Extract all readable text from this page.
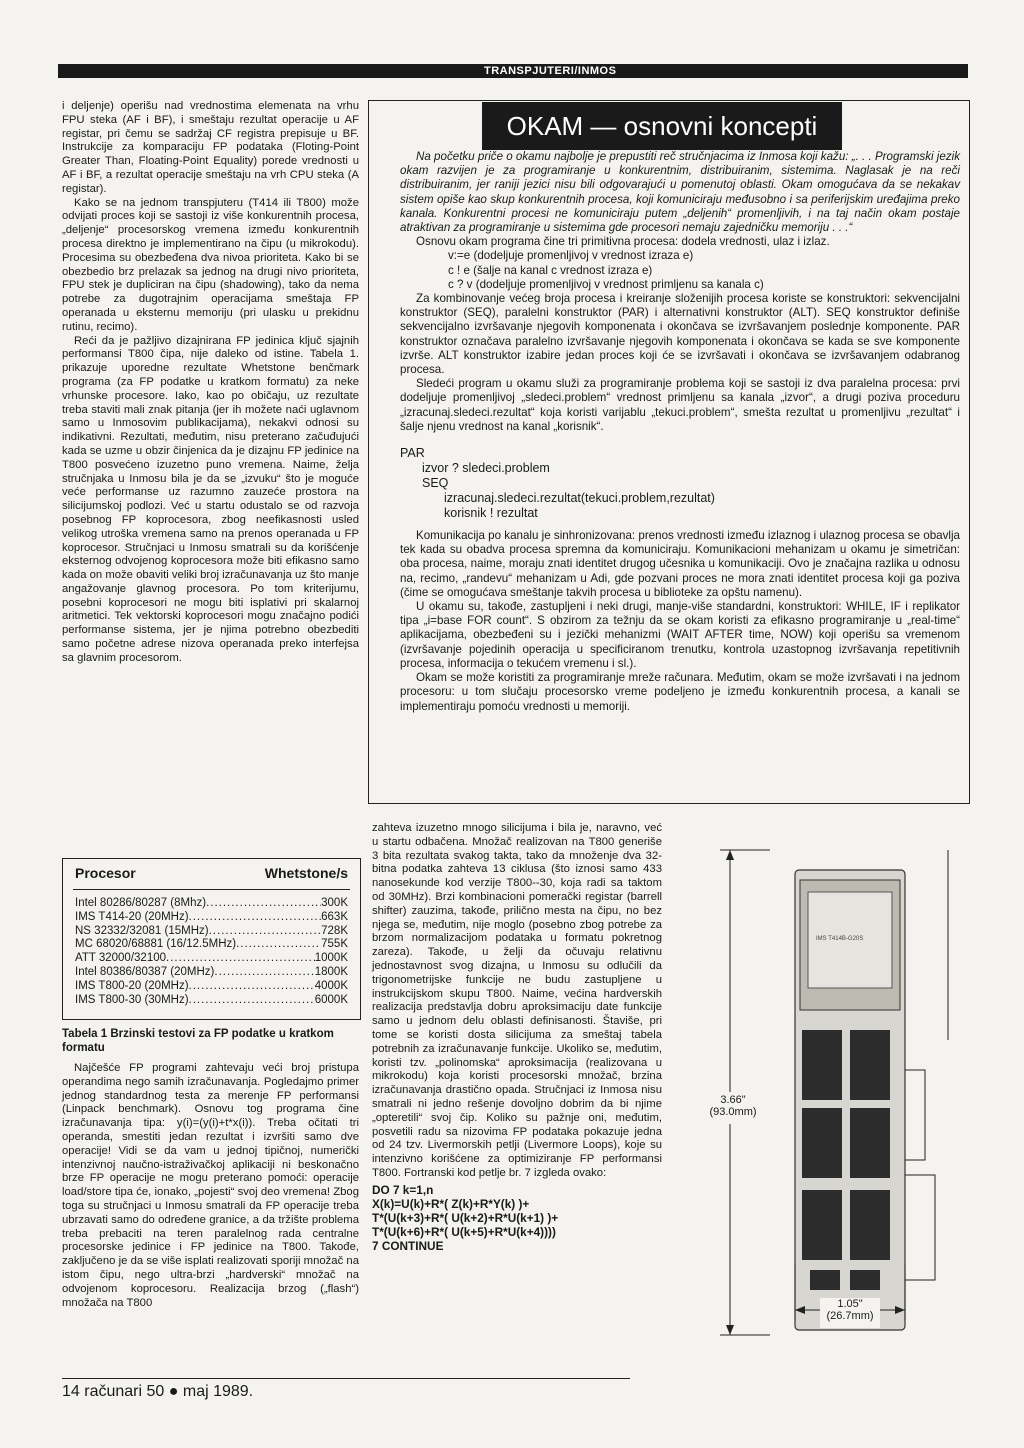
TRANSPJUTERI/INMOS

i deljenje) operišu nad vrednostima elemenata na vrhu FPU steka (AF i BF), i smeštaju rezultat operacije u AF registar, pri čemu se sadržaj CF registra prepisuje u BF. Instrukcije za komparaciju FP podataka (Floting-Point Greater Than, Floating-Point Equality) porede vrednosti u AF i BF, a rezultat operacije smeštaju na vrh CPU steka (A registar).

Kako se na jednom transpjuteru (T414 ili T800) može odvijati proces koji se sastoji iz više konkurentnih procesa, „deljenje“ procesorskog vremena između konkurentnih procesa direktno je implementirano na čipu (u mikrokodu). Procesima su obezbeđena dva nivoa prioriteta. Kako bi se obezbedio brz prelazak sa jednog na drugi nivo prioriteta, FPU stek je dupliciran na čipu (shadowing), tako da nema potrebe za dugotrajnim operacijama smeštaja FP operanada u eksternu memoriju (pri ulasku u prekidnu rutinu, recimo).

Reći da je pažljivo dizajnirana FP jedinica ključ sjajnih performansi T800 čipa, nije daleko od istine. Tabela 1. prikazuje uporedne rezultate Whetstone benčmark programa (za FP podatke u kratkom formatu) za neke vrhunske procesore. Iako, kao po običaju, uz rezultate treba staviti mali znak pitanja (jer ih možete naći uglavnom samo u Inmosovim publikacijama), nekakvi odnosi su indikativni. Rezultati, međutim, nisu preterano začuđujući kada se uzme u obzir činjenica da je dizajnu FP jedinice na T800 posvećeno izuzetno puno vremena. Naime, želja stručnjaka u Inmosu bila je da se „izvuku“ što je moguće veće performanse uz razumno zauzeće prostora na silicijumskoj podlozi. Već u startu odustalo se od razvoja posebnog FP koprocesora, zbog neefikasnosti usled velikog utroška vremena samo na prenos operanada u FP koprocesor. Stručnjaci u Inmosu smatrali su da korišćenje eksternog odvojenog koprocesora može biti efikasno samo kada on može obaviti veliki broj izračunavanja uz što manje angažovanje glavnog procesora. Po tom kriterijumu, posebni koprocesori ne mogu biti isplativi pri skalarnoj aritmetici. Tek vektorski koprocesori mogu značajno podići performanse sistema, jer je njima potrebno obezbediti samo početne adrese nizova operanada preko interfejsa sa glavnim procesorom.

Procesor	Whetstone/s
Intel 80286/80287 (8Mhz) .....	300K
IMS T414-20 (20MHz) .....	663K
NS 32332/32081 (15MHz) .....	728K
MC 68020/68881 (16/12.5MHz) .....	755K
ATT 32000/32100 .....	1000K
Intel 80386/80387 (20MHz) .....	1800K
IMS T800-20 (20MHz) .....	4000K
IMS T800-30 (30MHz) .....	6000K
Tabela 1 Brzinski testovi za FP podatke u kratkom formatu

Najčešće FP programi zahtevaju veći broj pristupa operandima nego samih izračunavanja. Pogledajmo primer jednog standardnog testa za merenje FP performansi (Linpack benchmark). Osnovu tog programa čine izračunavanja tipa: y(i)=(y(i)+t*x(i)). Treba očitati tri operanda, smestiti jedan rezultat i izvršiti samo dve operacije! Vidi se da vam u jednoj tipičnoj, numerički intenzivnoj naučno-istraživačkoj aplikaciji ni beskonačno brze FP operacije ne mogu preterano pomoći: operacije load/store tipa će, ionako, „pojesti“ svoj deo vremena! Zbog toga su stručnjaci u Inmosu smatrali da FP operacije treba ubrzavati samo do određene granice, a da tržište problema treba prebaciti na teren paralelnog rada centralne procesorske jedinice i FP jedinice na T800. Takođe, zaključeno je da se više isplati realizovati sporiji množač na istom čipu, nego ultra-brzi „hardverski“ množač na odvojenom koprocesoru. Realizacija brzog („flash“) množača na T800

OKAM — osnovni koncepti

Na početku priče o okamu najbolje je prepustiti reč stručnjacima iz Inmosa koji kažu: „. . . Programski jezik okam razvijen je za programiranje u konkurentnim, distribuiranim, sistemima. Naglasak je na reči distribuiranim, jer raniji jezici nisu bili odgovarajući u pomenutoj oblasti. Okam omogućava da se nekakav sistem opiše kao skup konkurentnih procesa, koji komuniciraju međusobno i sa periferijskim uređajima preko kanala. Konkurentni procesi ne komuniciraju putem „deljenih“ promenljivih, i na taj način okam postaje atraktivan za programiranje u sistemima gde procesori nemaju zajedničku memoriju . . .“

Osnovu okam programa čine tri primitivna procesa: dodela vrednosti, ulaz i izlaz.

v:=e (dodeljuje promenljivoj v vrednost izraza e)

c ! e (šalje na kanal c vrednost izraza e)

c ? v (dodeljuje promenljivoj v vrednost primljenu sa kanala c)

Za kombinovanje većeg broja procesa i kreiranje složenijih procesa koriste se konstruktori: sekvencijalni konstruktor (SEQ), paralelni konstruktor (PAR) i alternativni konstruktor (ALT). SEQ konstruktor definiše sekvencijalno izvršavanje njegovih komponenata i okončava se izvršavanjem poslednje komponente. PAR konstruktor označava paralelno izvršavanje njegovih komponenata i okončava se kada se sve komponente izvrše. ALT konstruktor izabire jedan proces koji će se izvršavati i okončava se izvršavanjem odabranog procesa.

Sledeći program u okamu služi za programiranje problema koji se sastoji iz dva paralelna procesa: prvi dodeljuje promenljivoj „sledeci.problem“ vrednost primljenu sa kanala „izvor“, a drugi poziva proceduru „izracunaj.sledeci.rezultat“ koja koristi varijablu „tekuci.problem“, smešta rezultat u promenljivu „rezultat“ i šalje njenu vrednost na kanal „korisnik“.

PAR
izvor ? sledeci.problem
SEQ
izracunaj.sledeci.rezultat(tekuci.problem,rezultat)
korisnik ! rezultat

Komunikacija po kanalu je sinhronizovana: prenos vrednosti između izlaznog i ulaznog procesa se obavlja tek kada su obadva procesa spremna da komuniciraju. Komunikacioni mehanizam u okamu je simetričan: oba procesa, naime, moraju znati identitet drugog učesnika u komunikaciji. Ovo je značajna razlika u odnosu na, recimo, „randevu“ mehanizam u Adi, gde pozvani proces ne mora znati identitet procesa koji ga poziva (čime se omogućava smeštanje takvih procesa u biblioteke za opštu namenu).

U okamu su, takođe, zastupljeni i neki drugi, manje-više standardni, konstruktori: WHILE, IF i replikator tipa „i=base FOR count“. S obzirom za težnju da se okam koristi za efikasno programiranje u „real-time“ aplikacijama, obezbeđeni su i jezički mehanizmi (WAIT AFTER time, NOW) koji operišu sa vremenom (izvršavanje pojedinih operacija u specificiranom trenutku, kontrola uzastopnog izvršavanja repetitivnih procesa, informacija o tekućem vremenu i sl.).

Okam se može koristiti za programiranje mreže računara. Međutim, okam se može izvršavati i na jednom procesoru: u tom slučaju procesorsko vreme podeljeno je između konkurentnih procesa, a kanali se implementiraju pomoću vrednosti u memoriji.

zahteva izuzetno mnogo silicijuma i bila je, naravno, već u startu odbačena. Množač realizovan na T800 generiše 3 bita rezultata svakog takta, tako da množenje dva 32-bitna podatka zahteva 13 ciklusa (što iznosi samo 433 nanosekunde kod verzije T800--30, koja radi sa taktom od 30MHz). Brzi kombinacioni pomerački registar (barrell shifter) zauzima, takođe, prilično mesta na čipu, no bez njega se, međutim, nije moglo (posebno zbog potrebe za brzom normalizacijom podataka u formatu pokretnog zareza). Takođe, u želji da očuvaju relativnu jednostavnost svog dizajna, u Inmosu su odlučili da trigonometrijske funkcije ne budu zastupljene u instrukcijskom skupu T800. Naime, većina hardverskih realizacija predstavlja dobru aproksimaciju date funkcije samo u jednom delu oblasti definisanosti. Štaviše, pri tome se koristi dosta silicijuma za smeštaj tabela potrebnih za izračunavanje funkcije. Ukoliko se, međutim, koristi tzv. „polinomska“ aproksimacija (realizovana u mikrokodu) koja koristi procesorski množač, brzina izračunavanja drastično opada. Stručnjaci iz Inmosa nisu smatrali ni jedno rešenje dovoljno dobrim da bi njime „opteretili“ svoj čip. Koliko su pažnje oni, međutim, posvetili radu sa nizovima FP podataka pokazuje jedna od 24 tzv. Livermorskih petlji (Livermore Loops), koje su intenzivno korišćene za optimiziranje FP performansi T800. Fortranski kod petlje br. 7 izgleda ovako:

DO 7 k=1,n
X(k)=U(k)+R*( Z(k)+R*Y(k) )+
T*(U(k+3)+R*( U(k+2)+R*U(k+1) )+
T*(U(k+6)+R*( U(k+5)+R*U(k+4))))
7 CONTINUE
IMS T414B-G20S
3.66"
(93.0mm)
1.05"
(26.7mm)
14 računari 50 ● maj 1989.
